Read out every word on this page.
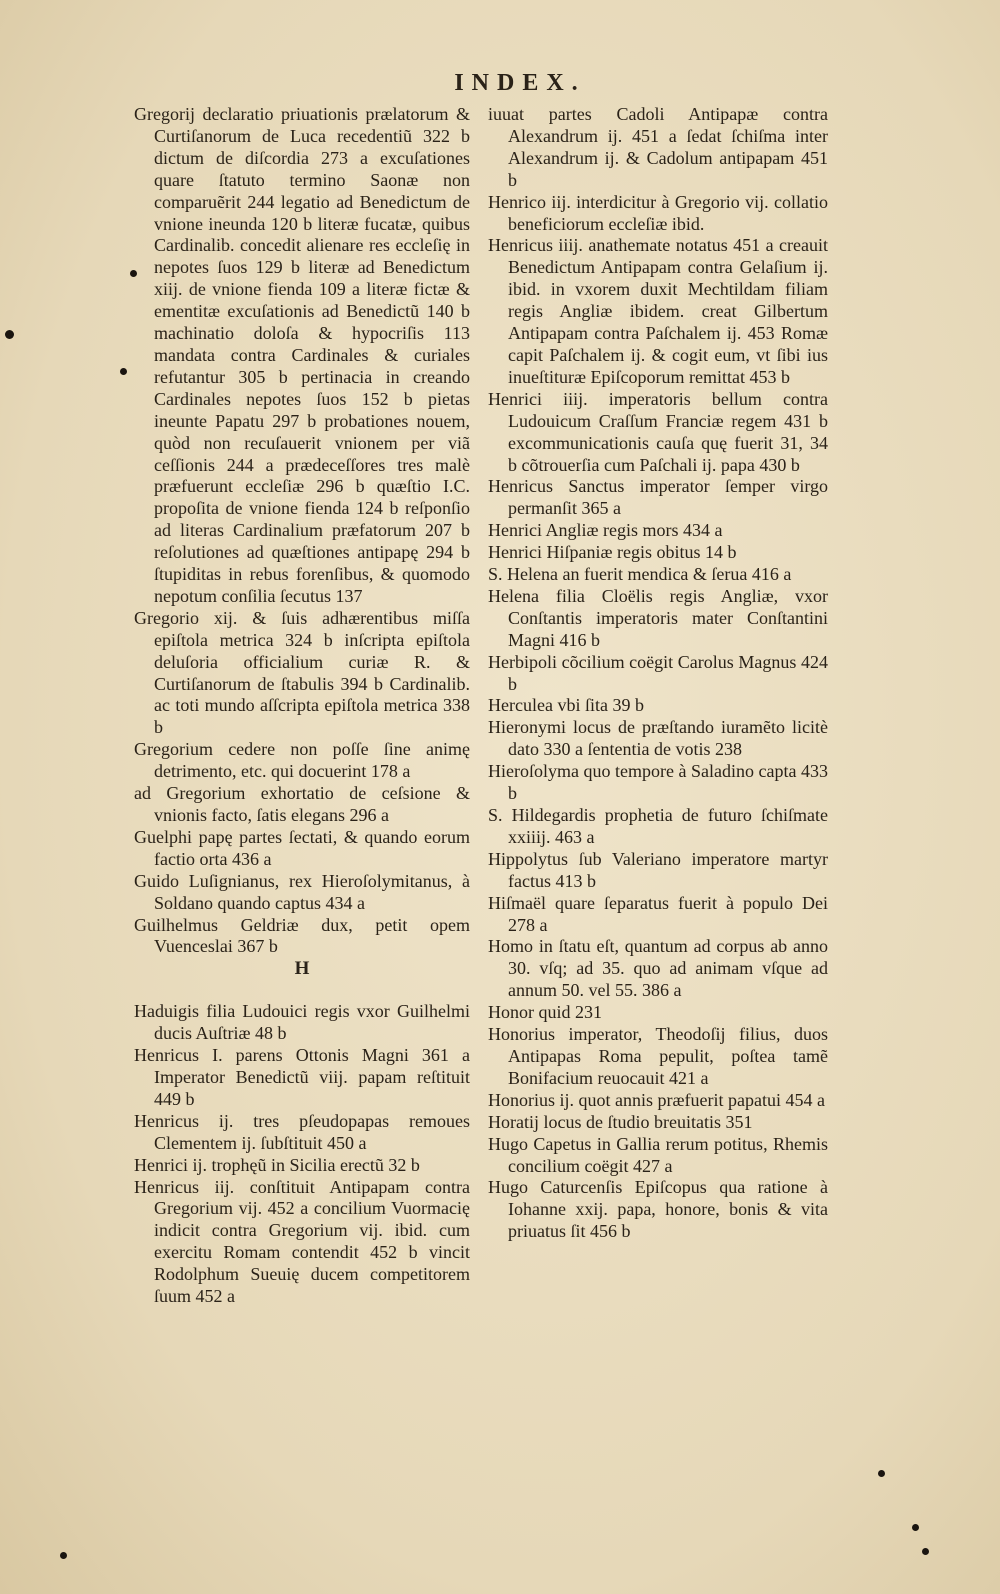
INDEX.
Gregorij declaratio priuationis prælatorum & Curtiſanorum de Luca recedentiũ 322 b dictum de diſcordia 273 a excuſationes quare ſtatuto termino Saonæ non comparuẽrit 244 legatio ad Benedictum de vnione ineunda 120 b literæ fucatæ, quibus Cardinalib. concedit alienare res eccleſię in nepotes ſuos 129 b literæ ad Benedictum xiij. de vnione fienda 109 a literæ fictæ & ementitæ excuſationis ad Benedictũ 140 b machinatio doloſa & hypocriſis 113 mandata contra Cardinales & curiales refutantur 305 b pertinacia in creando Cardinales nepotes ſuos 152 b pietas ineunte Papatu 297 b probationes nouem, quòd non recuſauerit vnionem per viã ceſſionis 244 a prædeceſſores tres malè præfuerunt eccleſiæ 296 b quæſtio I.C. propoſita de vnione fienda 124 b reſponſio ad literas Cardinalium præfatorum 207 b reſolutiones ad quæſtiones antipapę 294 b ſtupiditas in rebus forenſibus, & quomodo nepotum conſilia ſecutus 137
Gregorio xij. & ſuis adhærentibus miſſa epiſtola metrica 324 b inſcripta epiſtola deluſoria officialium curiæ R. & Curtiſanorum de ſtabulis 394 b Cardinalib. ac toti mundo aſſcripta epiſtola metrica 338 b
Gregorium cedere non poſſe ſine animę detrimento, etc. qui docuerint 178 a
ad Gregorium exhortatio de ceſsione & vnionis facto, ſatis elegans 296 a
Guelphi papę partes ſectati, & quando eorum factio orta 436 a
Guido Luſignianus, rex Hieroſolymitanus, à Soldano quando captus 434 a
Guilhelmus Geldriæ dux, petit opem Vuenceslai 367 b
H
Haduigis filia Ludouici regis vxor Guilhelmi ducis Auſtriæ 48 b
Henricus I. parens Ottonis Magni 361 a Imperator Benedictũ viij. papam reſtituit 449 b
Henricus ij. tres pſeudopapas remoues Clementem ij. ſubſtituit 450 a
Henrici ij. trophęũ in Sicilia erectũ 32 b
Henricus iij. conſtituit Antipapam contra Gregorium vij. 452 a concilium Vuormacię indicit contra Gregorium vij. ibid. cum exercitu Romam contendit 452 b vincit Rodolphum Sueuię ducem competitorem ſuum 452 a
iuuat partes Cadoli Antipapæ contra Alexandrum ij. 451 a ſedat ſchiſma inter Alexandrum ij. & Cadolum antipapam 451 b
Henrico iij. interdicitur à Gregorio vij. collatio beneficiorum eccleſiæ ibid.
Henricus iiij. anathemate notatus 451 a creauit Benedictum Antipapam contra Gelaſium ij. ibid. in vxorem duxit Mechtildam filiam regis Angliæ ibidem. creat Gilbertum Antipapam contra Paſchalem ij. 453 Romæ capit Paſchalem ij. & cogit eum, vt ſibi ius inueſtituræ Epiſcoporum remittat 453 b
Henrici iiij. imperatoris bellum contra Ludouicum Craſſum Franciæ regem 431 b excommunicationis cauſa quę fuerit 31, 34 b cõtrouerſia cum Paſchali ij. papa 430 b
Henricus Sanctus imperator ſemper virgo permanſit 365 a
Henrici Angliæ regis mors 434 a
Henrici Hiſpaniæ regis obitus 14 b
S. Helena an fuerit mendica & ſerua 416 a
Helena filia Cloëlis regis Angliæ, vxor Conſtantis imperatoris mater Conſtantini Magni 416 b
Herbipoli cõcilium coëgit Carolus Magnus 424 b
Herculea vbi ſita 39 b
Hieronymi locus de præſtando iuramẽto licitè dato 330 a ſententia de votis 238
Hieroſolyma quo tempore à Saladino capta 433 b
S. Hildegardis prophetia de futuro ſchiſmate xxiiij. 463 a
Hippolytus ſub Valeriano imperatore martyr factus 413 b
Hiſmaël quare ſeparatus fuerit à populo Dei 278 a
Homo in ſtatu eſt, quantum ad corpus ab anno 30. vſq; ad 35. quo ad animam vſque ad annum 50. vel 55. 386 a
Honor quid 231
Honorius imperator, Theodoſij filius, duos Antipapas Roma pepulit, poſtea tamẽ Bonifacium reuocauit 421 a
Honorius ij. quot annis præfuerit papatui 454 a
Horatij locus de ſtudio breuitatis 351
Hugo Capetus in Gallia rerum potitus, Rhemis concilium coëgit 427 a
Hugo Caturcenſis Epiſcopus qua ratione à Iohanne xxij. papa, honore, bonis & vita priuatus ſit 456 b
